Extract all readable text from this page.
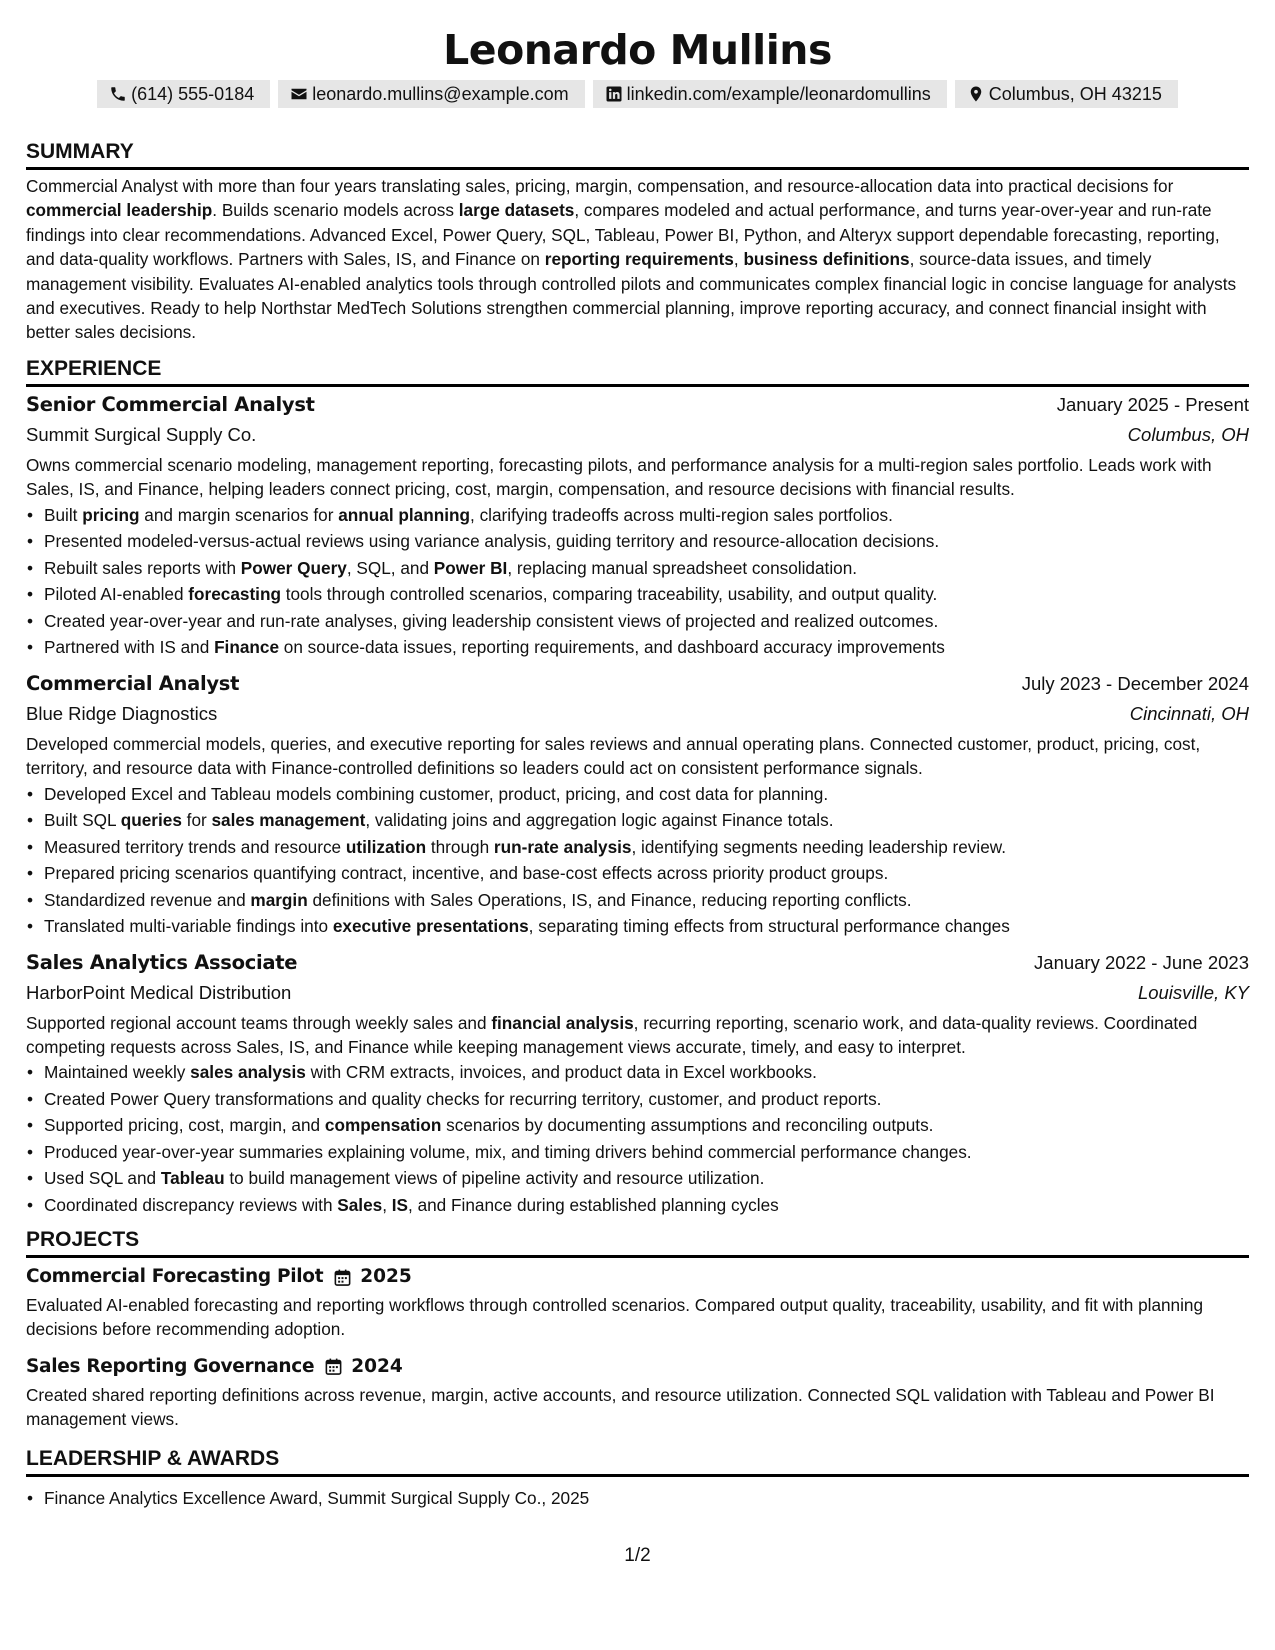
Leonardo Mullins
(614) 555-0184	leonardo.mullins@example.com	linkedin.com/example/leonardomullins	Columbus, OH 43215
SUMMARY

Commercial Analyst with more than four years translating sales, pricing, margin, compensation, and resource-allocation data into practical decisions for commercial leadership. Builds scenario models across large datasets, compares modeled and actual performance, and turns year-over-year and run-rate findings into clear recommendations. Advanced Excel, Power Query, SQL, Tableau, Power BI, Python, and Alteryx support dependable forecasting, reporting, and data-quality workflows. Partners with Sales, IS, and Finance on reporting requirements, business definitions, source-data issues, and timely management visibility. Evaluates AI-enabled analytics tools through controlled pilots and communicates complex financial logic in concise language for analysts and executives. Ready to help Northstar MedTech Solutions strengthen commercial planning, improve reporting accuracy, and connect financial insight with better sales decisions.

EXPERIENCE
Senior Commercial Analyst	January 2025 - Present
Summit Surgical Supply Co.	Columbus, OH

Owns commercial scenario modeling, management reporting, forecasting pilots, and performance analysis for a multi-region sales portfolio. Leads work with Sales, IS, and Finance, helping leaders connect pricing, cost, margin, compensation, and resource decisions with financial results.

• Built pricing and margin scenarios for annual planning, clarifying tradeoffs across multi-region sales portfolios.
• Presented modeled-versus-actual reviews using variance analysis, guiding territory and resource-allocation decisions.
• Rebuilt sales reports with Power Query, SQL, and Power BI, replacing manual spreadsheet consolidation.
• Piloted AI-enabled forecasting tools through controlled scenarios, comparing traceability, usability, and output quality.
• Created year-over-year and run-rate analyses, giving leadership consistent views of projected and realized outcomes.
• Partnered with IS and Finance on source-data issues, reporting requirements, and dashboard accuracy improvements
Commercial Analyst	July 2023 - December 2024
Blue Ridge Diagnostics	Cincinnati, OH

Developed commercial models, queries, and executive reporting for sales reviews and annual operating plans. Connected customer, product, pricing, cost, territory, and resource data with Finance-controlled definitions so leaders could act on consistent performance signals.

• Developed Excel and Tableau models combining customer, product, pricing, and cost data for planning.
• Built SQL queries for sales management, validating joins and aggregation logic against Finance totals.
• Measured territory trends and resource utilization through run-rate analysis, identifying segments needing leadership review.
• Prepared pricing scenarios quantifying contract, incentive, and base-cost effects across priority product groups.
• Standardized revenue and margin definitions with Sales Operations, IS, and Finance, reducing reporting conflicts.
• Translated multi-variable findings into executive presentations, separating timing effects from structural performance changes
Sales Analytics Associate	January 2022 - June 2023
HarborPoint Medical Distribution	Louisville, KY

Supported regional account teams through weekly sales and financial analysis, recurring reporting, scenario work, and data-quality reviews. Coordinated competing requests across Sales, IS, and Finance while keeping management views accurate, timely, and easy to interpret.

• Maintained weekly sales analysis with CRM extracts, invoices, and product data in Excel workbooks.
• Created Power Query transformations and quality checks for recurring territory, customer, and product reports.
• Supported pricing, cost, margin, and compensation scenarios by documenting assumptions and reconciling outputs.
• Produced year-over-year summaries explaining volume, mix, and timing drivers behind commercial performance changes.
• Used SQL and Tableau to build management views of pipeline activity and resource utilization.
• Coordinated discrepancy reviews with Sales, IS, and Finance during established planning cycles
PROJECTS
Commercial Forecasting Pilot 2025

Evaluated AI-enabled forecasting and reporting workflows through controlled scenarios. Compared output quality, traceability, usability, and fit with planning decisions before recommending adoption.

Sales Reporting Governance 2024

Created shared reporting definitions across revenue, margin, active accounts, and resource utilization. Connected SQL validation with Tableau and Power BI management views.

LEADERSHIP & AWARDS
• Finance Analytics Excellence Award, Summit Surgical Supply Co., 2025
1/2
